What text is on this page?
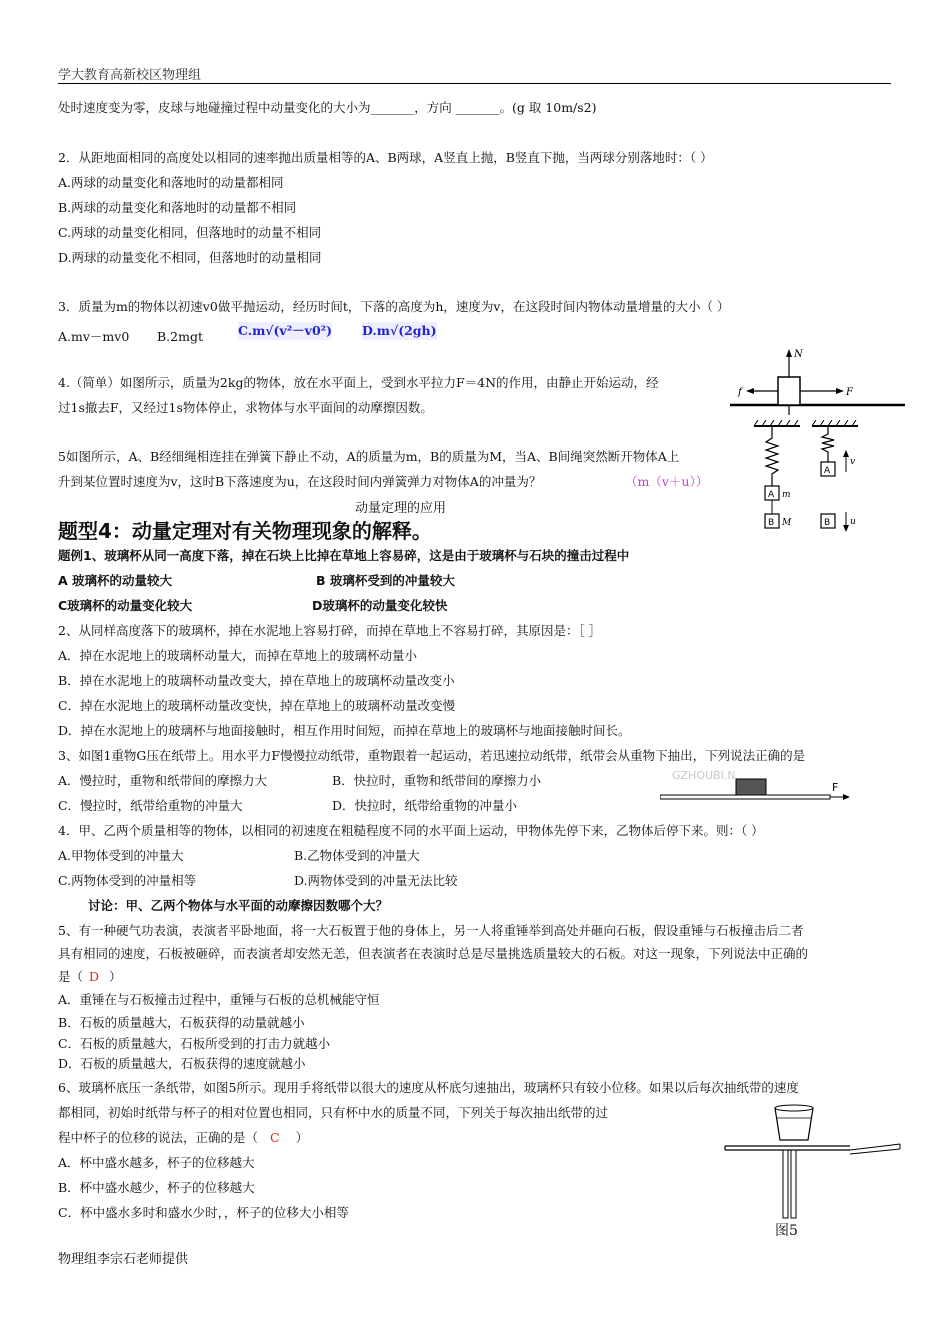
学大教育高新校区物理组
处时速度变为零，皮球与地碰撞过程中动量变化的大小为_______，方向 _______。(g 取 10m/s2)
2．从距地面相同的高度处以相同的速率抛出质量相等的A、B两球，A竖直上抛，B竖直下抛，当两球分别落地时：（ ）
A.两球的动量变化和落地时的动量都相同
B.两球的动量变化和落地时的动量都不相同
C.两球的动量变化相同，但落地时的动量不相同
D.两球的动量变化不相同，但落地时的动量相同
3．质量为m的物体以初速v0做平抛运动，经历时间t，下落的高度为h，速度为v，在这段时间内物体动量增量的大小（ ）
A.mv－mv0 B.2mgt	C.m√(v²－v0²) D.m√(2gh)
4.（简单）如图所示，质量为2kg的物体，放在水平面上，受到水平拉力F＝4N的作用，由静止开始运动，经
过1s撤去F，又经过1s物体停止，求物体与水平面间的动摩擦因数。
5如图所示，A、B经细绳相连挂在弹簧下静止不动，A的质量为m，B的质量为M，当A、B间绳突然断开物体A上
升到某位置时速度为v，这时B下落速度为u，在这段时间内弹簧弹力对物体A的冲量为？	（m（v＋u））
动量定理的应用
题型4：动量定理对有关物理现象的解释。
题例1、玻璃杯从同一高度下落，掉在石块上比掉在草地上容易碎，这是由于玻璃杯与石块的撞击过程中
A 玻璃杯的动量较大	B 玻璃杯受到的冲量较大
C玻璃杯的动量变化较大	D玻璃杯的动量变化较快
2、从同样高度落下的玻璃杯，掉在水泥地上容易打碎，而掉在草地上不容易打碎，其原因是：［ ］
A．掉在水泥地上的玻璃杯动量大，而掉在草地上的玻璃杯动量小
B．掉在水泥地上的玻璃杯动量改变大，掉在草地上的玻璃杯动量改变小
C．掉在水泥地上的玻璃杯动量改变快，掉在草地上的玻璃杯动量改变慢
D．掉在水泥地上的玻璃杯与地面接触时，相互作用时间短，而掉在草地上的玻璃杯与地面接触时间长。
3、如图1重物G压在纸带上。用水平力F慢慢拉动纸带，重物跟着一起运动，若迅速拉动纸带，纸带会从重物下抽出，下列说法正确的是
A．慢拉时，重物和纸带间的摩擦力大	B．快拉时，重物和纸带间的摩擦力小
C．慢拉时，纸带给重物的冲量大	D．快拉时，纸带给重物的冲量小
4．甲、乙两个质量相等的物体，以相同的初速度在粗糙程度不同的水平面上运动，甲物体先停下来，乙物体后停下来。则：（ ）
A.甲物体受到的冲量大	B.乙物体受到的冲量大
C.两物体受到的冲量相等	D.两物体受到的冲量无法比较
讨论：甲、乙两个物体与水平面的动摩擦因数哪个大？
5、有一种硬气功表演，表演者平卧地面，将一大石板置于他的身体上，另一人将重锤举到高处并砸向石板，假设重锤与石板撞击后二者
具有相同的速度，石板被砸碎，而表演者却安然无恙，但表演者在表演时总是尽量挑选质量较大的石板。对这一现象，下列说法中正确的
是（ D ）
A．重锤在与石板撞击过程中，重锤与石板的总机械能守恒
B．石板的质量越大，石板获得的动量就越小
C．石板的质量越大，石板所受到的打击力就越小
D．石板的质量越大，石板获得的速度就越小
6、玻璃杯底压一条纸带，如图5所示。现用手将纸带以很大的速度从杯底匀速抽出，玻璃杯只有较小位移。如果以后每次抽纸带的速度
都相同，初始时纸带与杯子的相对位置也相同，只有杯中水的质量不同，下列关于每次抽出纸带的过
程中杯子的位移的说法，正确的是（ C ）
A．杯中盛水越多，杯子的位移越大
B．杯中盛水越少，杯子的位移越大
C．杯中盛水多时和盛水少时，，杯子的位移大小相等
物理组李宗石老师提供
N
f	F
A
B
A
B
m
M
v
u
GZHOUBI.N
F
图5
